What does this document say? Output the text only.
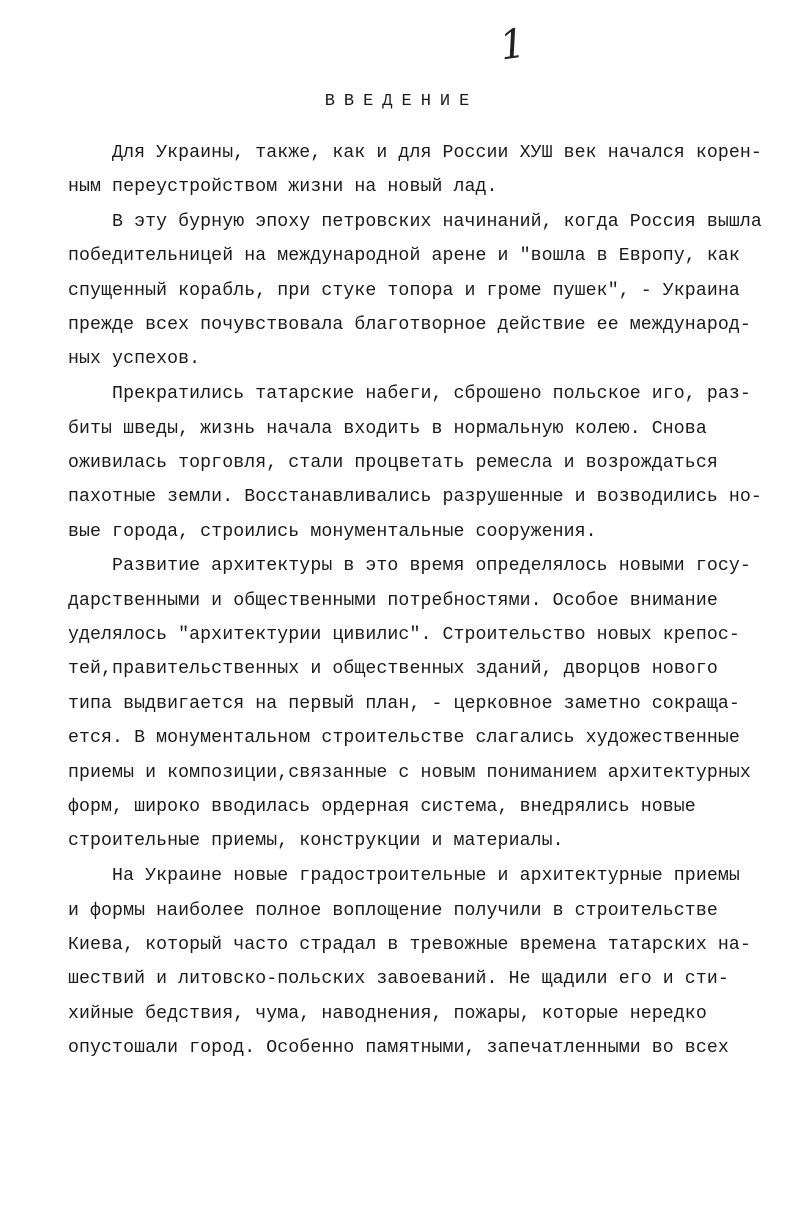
1
ВВЕДЕНИЕ
Для Украины, также, как и для России ХУШ век начался корен-
ным переустройством жизни на новый лад.
В эту бурную эпоху петровских начинаний, когда Россия вышла
победительницей на международной арене и "вошла в Европу, как
спущенный корабль, при стуке топора и громе пушек", - Украина
прежде всех почувствовала благотворное действие ее международ-
ных успехов.
Прекратились татарские набеги, сброшено польское иго, раз-
биты шведы, жизнь начала входить в нормальную колею. Снова
оживилась торговля, стали процветать ремесла и возрождаться
пахотные земли. Восстанавливались разрушенные и возводились но-
вые города, строились монументальные сооружения.
Развитие архитектуры в это время определялось новыми госу-
дарственными и общественными потребностями. Особое внимание
уделялось "архитектурии цивилис". Строительство новых крепос-
тей,правительственных и общественных зданий, дворцов нового
типа выдвигается на первый план, - церковное заметно сокраща-
ется. В монументальном строительстве слагались художественные
приемы и композиции,связанные с новым пониманием архитектурных
форм, широко вводилась ордерная система, внедрялись новые
строительные приемы, конструкции и материалы.
На Украине новые градостроительные и архитектурные приемы
и формы наиболее полное воплощение получили в строительстве
Киева, который часто страдал в тревожные времена татарских на-
шествий и литовско-польских завоеваний. Не щадили его и сти-
хийные бедствия, чума, наводнения, пожары, которые нередко
опустошали город. Особенно памятными, запечатленными во всех
